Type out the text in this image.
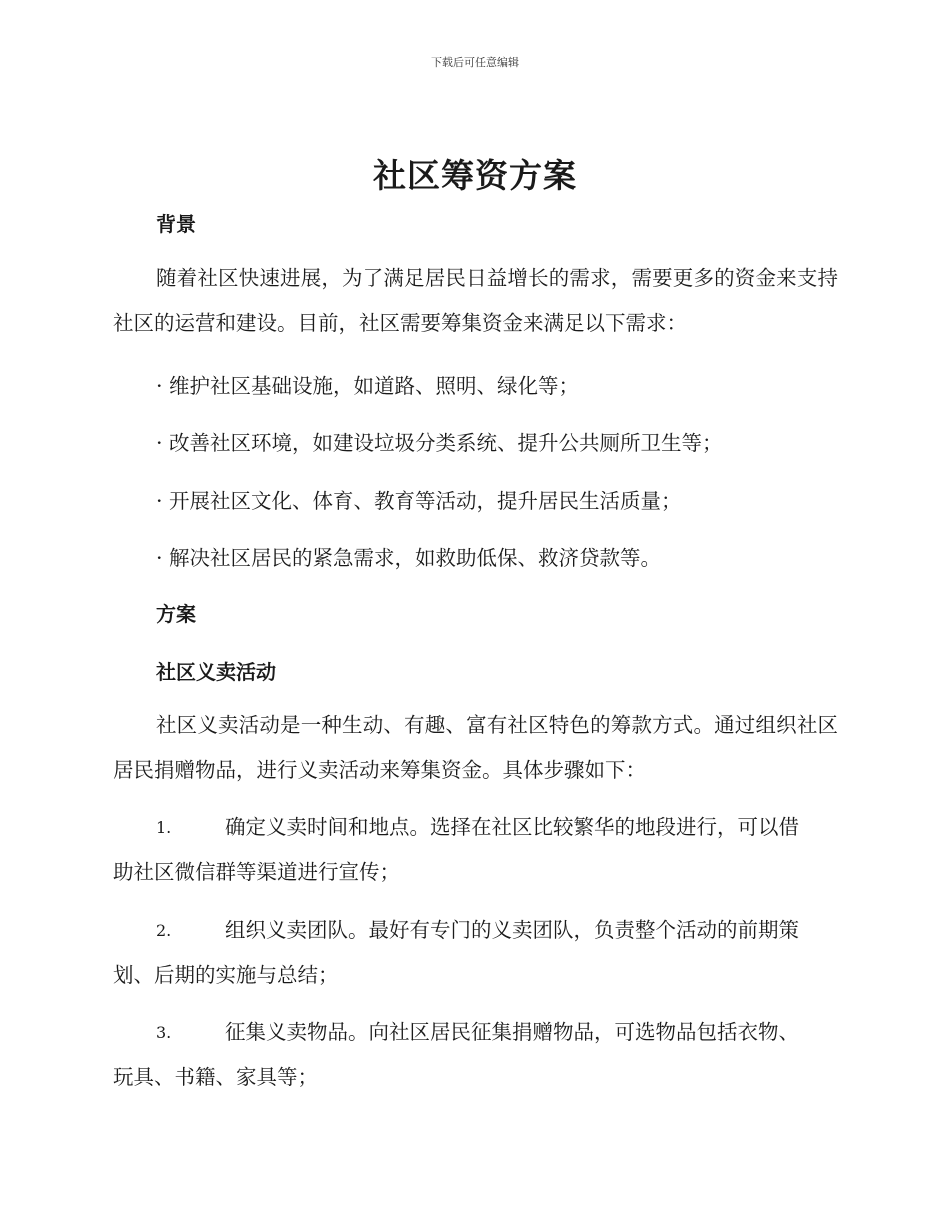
下载后可任意编辑
社区筹资方案
背景
随着社区快速进展，为了满足居民日益增长的需求，需要更多的资金来支持社区的运营和建设。目前，社区需要筹集资金来满足以下需求：
· 维护社区基础设施，如道路、照明、绿化等；
· 改善社区环境，如建设垃圾分类系统、提升公共厕所卫生等；
· 开展社区文化、体育、教育等活动，提升居民生活质量；
· 解决社区居民的紧急需求，如救助低保、救济贷款等。
方案
社区义卖活动
社区义卖活动是一种生动、有趣、富有社区特色的筹款方式。通过组织社区居民捐赠物品，进行义卖活动来筹集资金。具体步骤如下：
1.	确定义卖时间和地点。选择在社区比较繁华的地段进行，可以借
助社区微信群等渠道进行宣传；
2.	组织义卖团队。最好有专门的义卖团队，负责整个活动的前期策
划、后期的实施与总结；
3.	征集义卖物品。向社区居民征集捐赠物品，可选物品包括衣物、
玩具、书籍、家具等；
